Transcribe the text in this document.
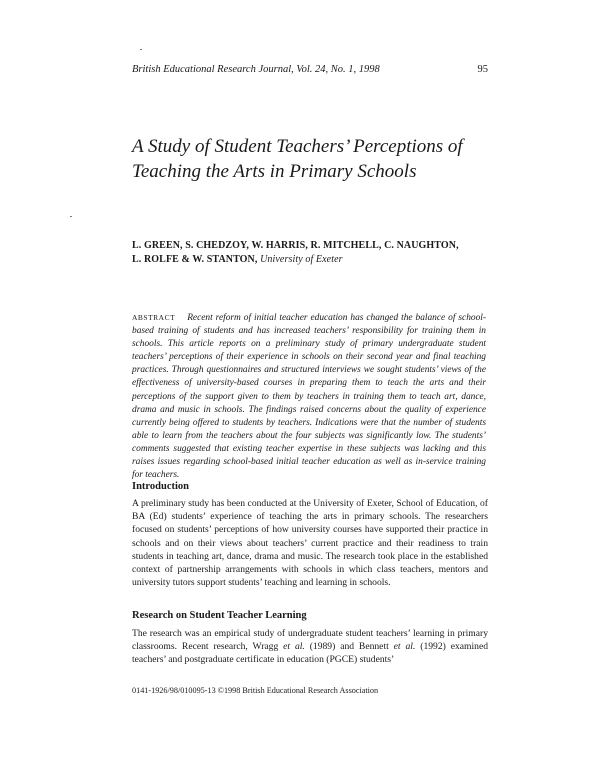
British Educational Research Journal, Vol. 24, No. 1, 1998	95
A Study of Student Teachers’ Perceptions of
Teaching the Arts in Primary Schools
L. GREEN, S. CHEDZOY, W. HARRIS, R. MITCHELL, C. NAUGHTON,
L. ROLFE & W. STANTON, University of Exeter
ABSTRACT Recent reform of initial teacher education has changed the balance of school-based training of students and has increased teachers’ responsibility for training them in schools. This article reports on a preliminary study of primary undergraduate student teachers’ perceptions of their experience in schools on their second year and final teaching practices. Through questionnaires and structured interviews we sought students’ views of the effectiveness of university-based courses in preparing them to teach the arts and their perceptions of the support given to them by teachers in training them to teach art, dance, drama and music in schools. The findings raised concerns about the quality of experience currently being offered to students by teachers. Indications were that the number of students able to learn from the teachers about the four subjects was significantly low. The students’ comments suggested that existing teacher expertise in these subjects was lacking and this raises issues regarding school-based initial teacher education as well as in-service training for teachers.
Introduction
A preliminary study has been conducted at the University of Exeter, School of Education, of BA (Ed) students’ experience of teaching the arts in primary schools. The researchers focused on students’ perceptions of how university courses have supported their practice in schools and on their views about teachers’ current practice and their readiness to train students in teaching art, dance, drama and music. The research took place in the established context of partnership arrangements with schools in which class teachers, mentors and university tutors support students’ teaching and learning in schools.
Research on Student Teacher Learning
The research was an empirical study of undergraduate student teachers’ learning in primary classrooms. Recent research, Wragg et al. (1989) and Bennett et al. (1992) examined teachers’ and postgraduate certificate in education (PGCE) students’
0141-1926/98/010095-13 ©1998 British Educational Research Association
